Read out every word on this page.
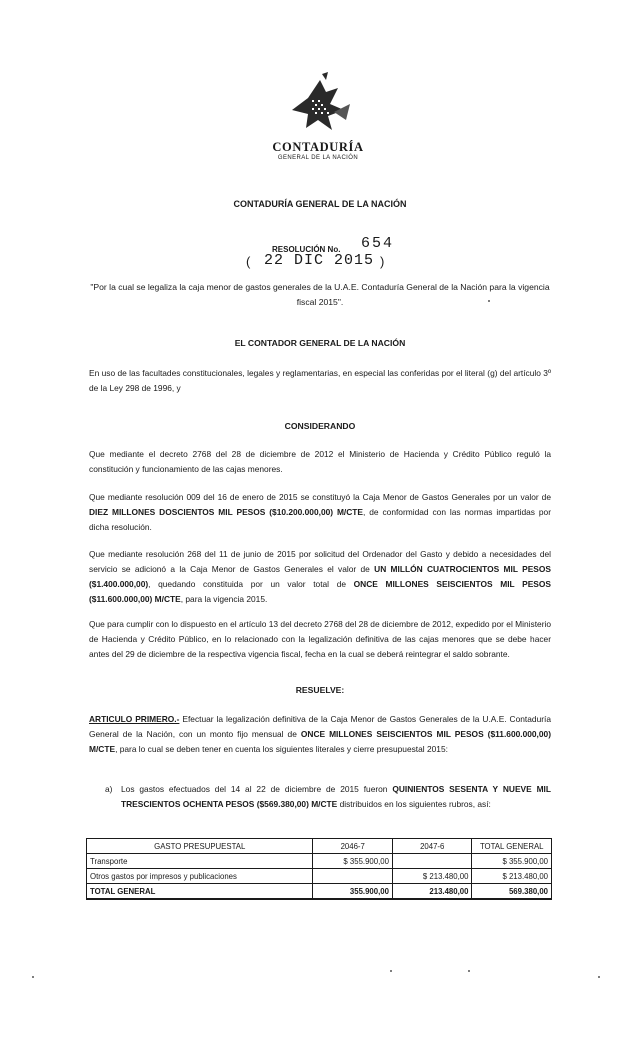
CONTADURÍA
GENERAL DE LA NACIÓN
CONTADURÍA GENERAL DE LA NACIÓN
RESOLUCIÓN No. 654
( 22 DIC 2015 )
"Por la cual se legaliza la caja menor de gastos generales de la U.A.E. Contaduría General de la Nación para la vigencia fiscal 2015".
EL CONTADOR GENERAL DE LA NACIÓN

En uso de las facultades constitucionales, legales y reglamentarias, en especial las conferidas por el literal (g) del artículo 3º de la Ley 298 de 1996, y

CONSIDERANDO

Que mediante el decreto 2768 del 28 de diciembre de 2012 el Ministerio de Hacienda y Crédito Público reguló la constitución y funcionamiento de las cajas menores.

Que mediante resolución 009 del 16 de enero de 2015 se constituyó la Caja Menor de Gastos Generales por un valor de DIEZ MILLONES DOSCIENTOS MIL PESOS ($10.200.000,00) M/CTE, de conformidad con las normas impartidas por dicha resolución.

Que mediante resolución 268 del 11 de junio de 2015 por solicitud del Ordenador del Gasto y debido a necesidades del servicio se adicionó a la Caja Menor de Gastos Generales el valor de UN MILLÓN CUATROCIENTOS MIL PESOS ($1.400.000,00), quedando constituida por un valor total de ONCE MILLONES SEISCIENTOS MIL PESOS ($11.600.000,00) M/CTE, para la vigencia 2015.

Que para cumplir con lo dispuesto en el artículo 13 del decreto 2768 del 28 de diciembre de 2012, expedido por el Ministerio de Hacienda y Crédito Público, en lo relacionado con la legalización definitiva de las cajas menores que se debe hacer antes del 29 de diciembre de la respectiva vigencia fiscal, fecha en la cual se deberá reintegrar el saldo sobrante.

RESUELVE:

ARTICULO PRIMERO.- Efectuar la legalización definitiva de la Caja Menor de Gastos Generales de la U.A.E. Contaduría General de la Nación, con un monto fijo mensual de ONCE MILLONES SEISCIENTOS MIL PESOS ($11.600.000,00) M/CTE, para lo cual se deben tener en cuenta los siguientes literales y cierre presupuestal 2015:

a) Los gastos efectuados del 14 al 22 de diciembre de 2015 fueron QUINIENTOS SESENTA Y NUEVE MIL TRESCIENTOS OCHENTA PESOS ($569.380,00) M/CTE distribuidos en los siguientes rubros, así:

GASTO PRESUPUESTAL	2046-7	2047-6	TOTAL GENERAL
Transporte	$ 355.900,00		$ 355.900,00
Otros gastos por impresos y publicaciones		$ 213.480,00	$ 213.480,00
TOTAL GENERAL	355.900,00	213.480,00	569.380,00
